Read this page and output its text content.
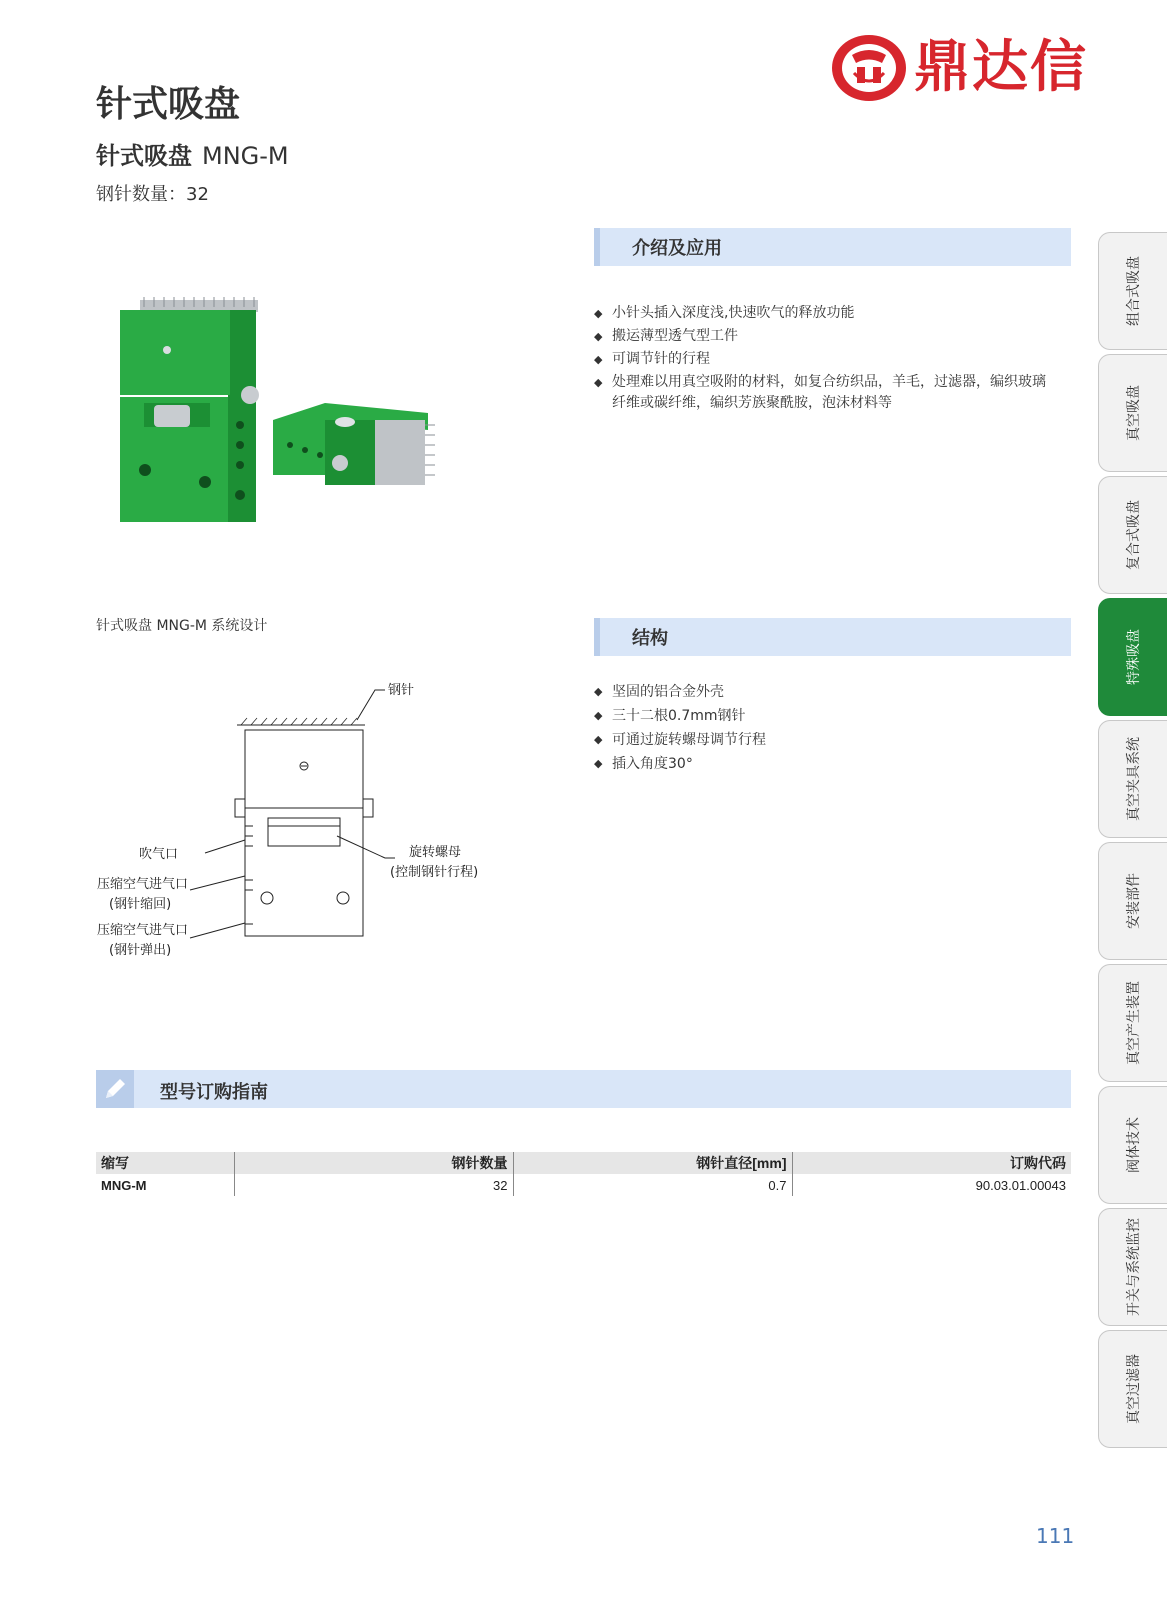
鼎达信
针式吸盘
针式吸盘 MNG-M
钢针数量：32
针式吸盘 MNG-M 系统设计
钢针
吹气口
压缩空气进气口
(钢针缩回)
压缩空气进气口
(钢针弹出)
旋转螺母
(控制钢针行程)
介绍及应用
◆ 小针头插入深度浅,快速吹气的释放功能
◆ 搬运薄型透气型工件
◆ 可调节针的行程
◆ 处理难以用真空吸附的材料，如复合纺织品，羊毛，过滤器，编织玻璃纤维或碳纤维，编织芳族聚酰胺，泡沫材料等
结构
◆ 坚固的铝合金外壳
◆ 三十二根0.7mm钢针
◆ 可通过旋转螺母调节行程
◆ 插入角度30°
型号订购指南
缩写	钢针数量	钢针直径[mm]	订购代码
MNG-M	32	0.7	90.03.01.00043
组合式吸盘
真空吸盘
复合式吸盘
特殊吸盘
真空夹具系统
安装部件
真空产生装置
阀体技术
开关与系统监控
真空过滤器
111
